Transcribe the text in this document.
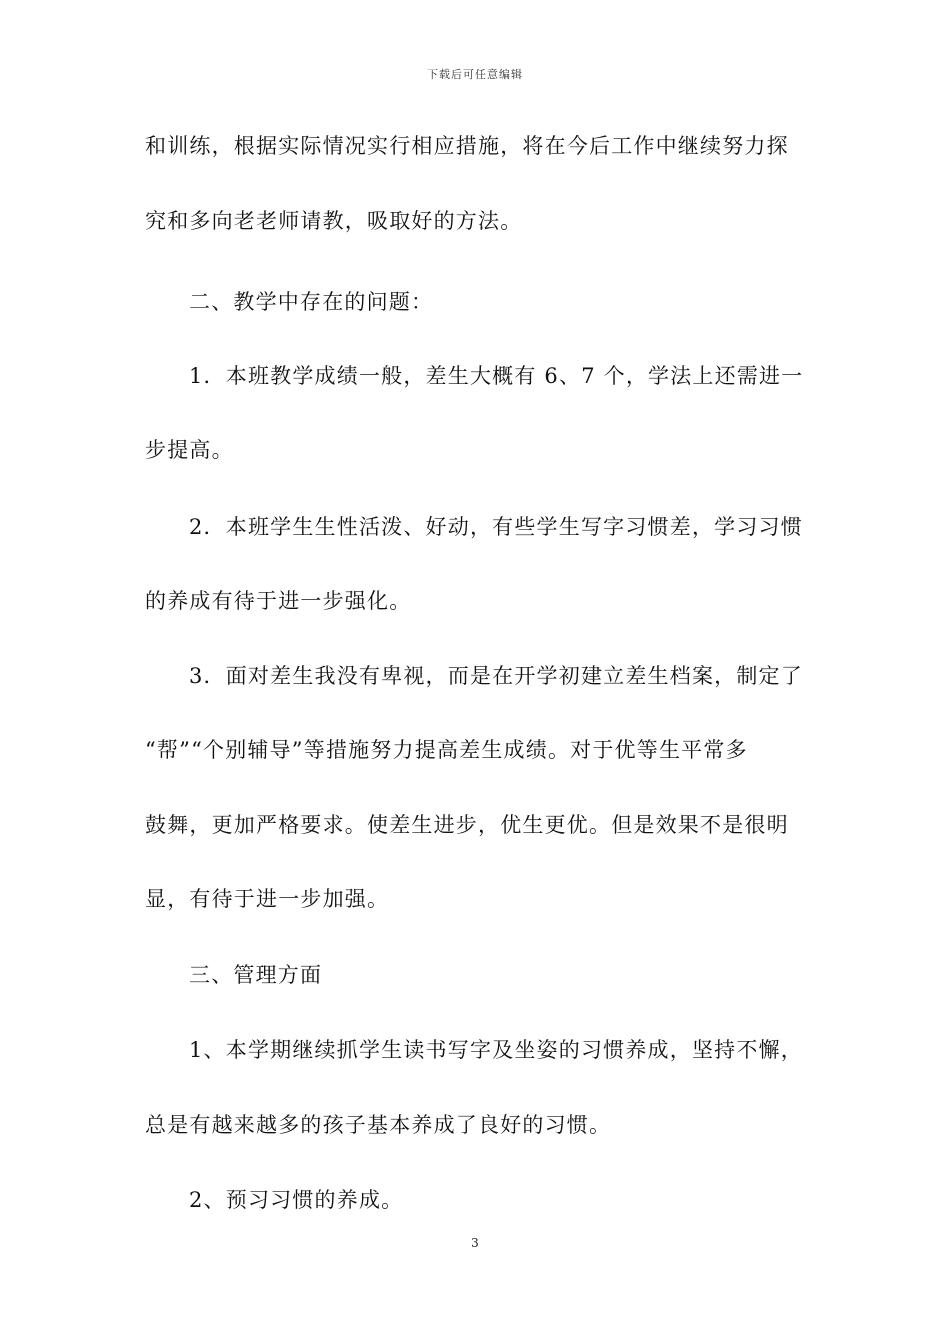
下载后可任意编辑
和训练，根据实际情况实行相应措施，将在今后工作中继续努力探
究和多向老老师请教，吸取好的方法。
二、教学中存在的问题：
1．本班教学成绩一般，差生大概有 6、7 个，学法上还需进一
步提高。
2．本班学生生性活泼、好动，有些学生写字习惯差，学习习惯
的养成有待于进一步强化。
3．面对差生我没有卑视，而是在开学初建立差生档案，制定了
“帮”“个别辅导”等措施努力提高差生成绩。对于优等生平常多
鼓舞，更加严格要求。使差生进步，优生更优。但是效果不是很明
显，有待于进一步加强。
三、管理方面
1、本学期继续抓学生读书写字及坐姿的习惯养成，坚持不懈，
总是有越来越多的孩子基本养成了良好的习惯。
2、预习习惯的养成。
3
